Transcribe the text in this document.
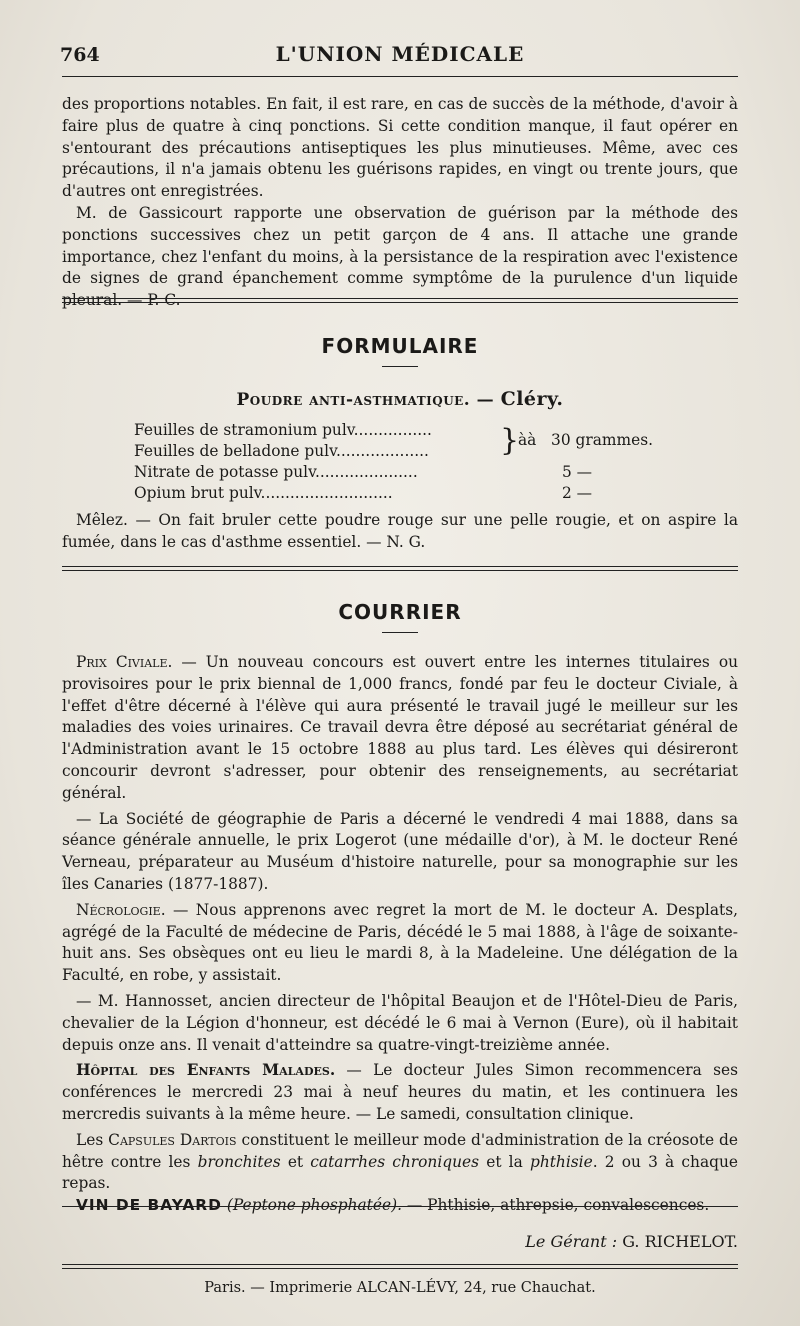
764	L'UNION MÉDICALE

des proportions notables. En fait, il est rare, en cas de succès de la méthode, d'avoir à faire plus de quatre à cinq ponctions. Si cette condition manque, il faut opérer en s'entourant des précautions antiseptiques les plus minutieuses. Même, avec ces précautions, il n'a jamais obtenu les guérisons rapides, en vingt ou trente jours, que d'autres ont enregistrées.

M. de Gassicourt rapporte une observation de guérison par la méthode des ponctions successives chez un petit garçon de 4 ans. Il attache une grande importance, chez l'enfant du moins, à la persistance de la respiration avec l'existence de signes de grand épanchement comme symptôme de la purulence d'un liquide pleural. — P. C.

FORMULAIRE
Poudre anti-asthmatique. — Cléry.
Feuilles de stramonium pulv................
Feuilles de belladone pulv................... }
àà 30 grammes.
Nitrate de potasse pulv.....................	5 —
Opium brut pulv...........................	2 —

Mêlez. — On fait bruler cette poudre rouge sur une pelle rougie, et on aspire la fumée, dans le cas d'asthme essentiel. — N. G.

COURRIER

Prix Civiale. — Un nouveau concours est ouvert entre les internes titulaires ou provisoires pour le prix biennal de 1,000 francs, fondé par feu le docteur Civiale, à l'effet d'être décerné à l'élève qui aura présenté le travail jugé le meilleur sur les maladies des voies urinaires. Ce travail devra être déposé au secrétariat général de l'Administration avant le 15 octobre 1888 au plus tard. Les élèves qui désireront concourir devront s'adresser, pour obtenir des renseignements, au secrétariat général.

— La Société de géographie de Paris a décerné le vendredi 4 mai 1888, dans sa séance générale annuelle, le prix Logerot (une médaille d'or), à M. le docteur René Verneau, préparateur au Muséum d'histoire naturelle, pour sa monographie sur les îles Canaries (1877-1887).

Nécrologie. — Nous apprenons avec regret la mort de M. le docteur A. Desplats, agrégé de la Faculté de médecine de Paris, décédé le 5 mai 1888, à l'âge de soixante-huit ans. Ses obsèques ont eu lieu le mardi 8, à la Madeleine. Une délégation de la Faculté, en robe, y assistait.

— M. Hannosset, ancien directeur de l'hôpital Beaujon et de l'Hôtel-Dieu de Paris, chevalier de la Légion d'honneur, est décédé le 6 mai à Vernon (Eure), où il habitait depuis onze ans. Il venait d'atteindre sa quatre-vingt-treizième année.

Hôpital des Enfants Malades. — Le docteur Jules Simon recommencera ses conférences le mercredi 23 mai à neuf heures du matin, et les continuera les mercredis suivants à la même heure. — Le samedi, consultation clinique.

Les Capsules Dartois constituent le meilleur mode d'administration de la créosote de hêtre contre les bronchites et catarrhes chroniques et la phthisie. 2 ou 3 à chaque repas.

VIN DE BAYARD (Peptone phosphatée). — Phthisie, athrepsie, convalescences.

Le Gérant : G. RICHELOT.
Paris. — Imprimerie ALCAN-LÉVY, 24, rue Chauchat.
